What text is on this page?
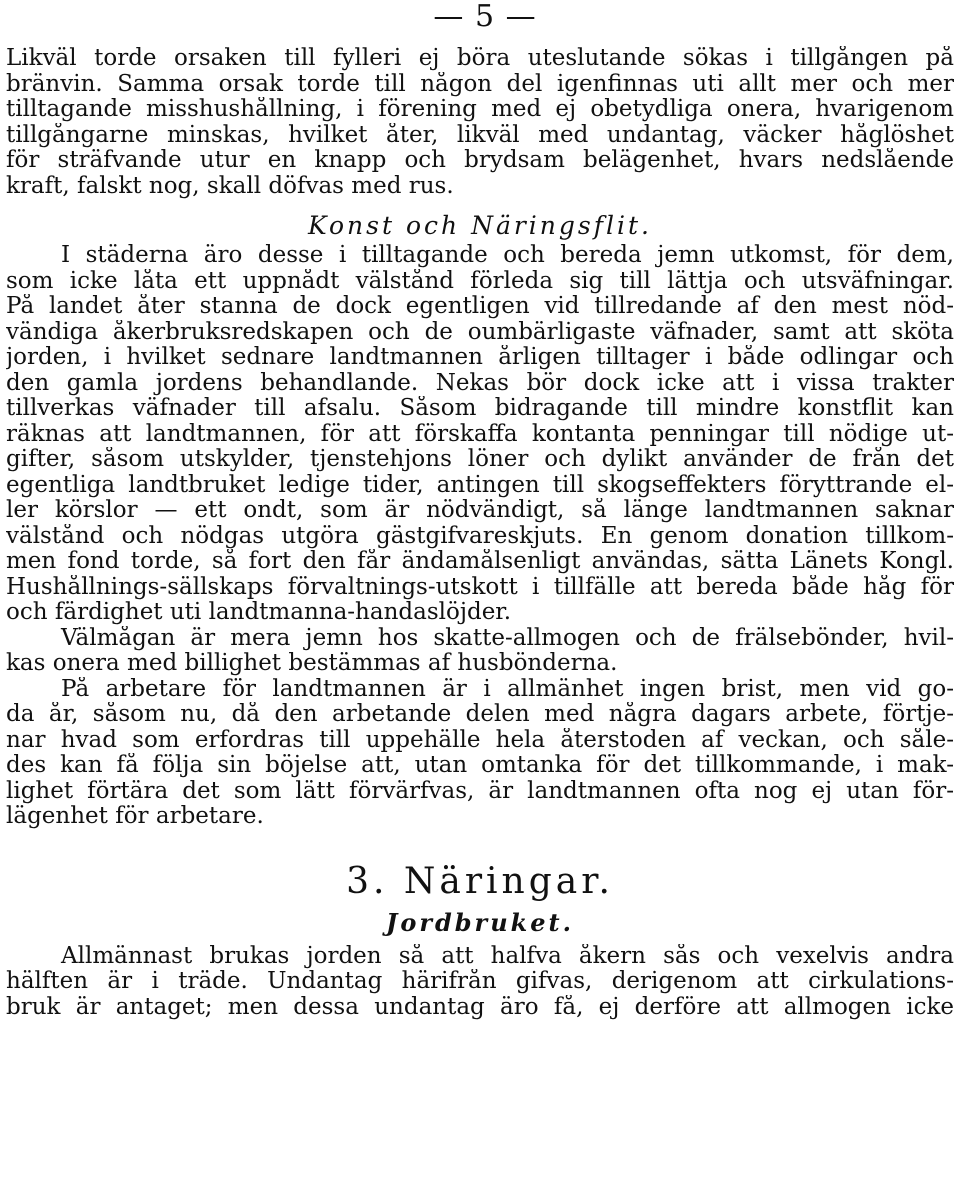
— 5 —
Likväl torde orsaken till fylleri ej böra uteslutande sökas i tillgången på
bränvin. Samma orsak torde till någon del igenfinnas uti allt mer och mer
tilltagande misshushållning, i förening med ej obetydliga onera, hvarigenom
tillgångarne minskas, hvilket åter, likväl med undantag, väcker håglöshet
för sträfvande utur en knapp och brydsam belägenhet, hvars nedslående
kraft, falskt nog, skall döfvas med rus.
Konst och Näringsflit.
I städerna äro desse i tilltagande och bereda jemn utkomst, för dem,
som icke låta ett uppnådt välstånd förleda sig till lättja och utsväfningar.
På landet åter stanna de dock egentligen vid tillredande af den mest nöd-
vändiga åkerbruksredskapen och de oumbärligaste väfnader, samt att sköta
jorden, i hvilket sednare landtmannen årligen tilltager i både odlingar och
den gamla jordens behandlande. Nekas bör dock icke att i vissa trakter
tillverkas väfnader till afsalu. Såsom bidragande till mindre konstflit kan
räknas att landtmannen, för att förskaffa kontanta penningar till nödige ut-
gifter, såsom utskylder, tjenstehjons löner och dylikt använder de från det
egentliga landtbruket ledige tider, antingen till skogseffekters föryttrande el-
ler körslor — ett ondt, som är nödvändigt, så länge landtmannen saknar
välstånd och nödgas utgöra gästgifvareskjuts. En genom donation tillkom-
men fond torde, så fort den får ändamålsenligt användas, sätta Länets Kongl.
Hushållnings-sällskaps förvaltnings-utskott i tillfälle att bereda både håg för
och färdighet uti landtmanna-handaslöjder.
Välmågan är mera jemn hos skatte-allmogen och de frälsebönder, hvil-
kas onera med billighet bestämmas af husbönderna.
På arbetare för landtmannen är i allmänhet ingen brist, men vid go-
da år, såsom nu, då den arbetande delen med några dagars arbete, förtje-
nar hvad som erfordras till uppehälle hela återstoden af veckan, och såle-
des kan få följa sin böjelse att, utan omtanka för det tillkommande, i mak-
lighet förtära det som lätt förvärfvas, är landtmannen ofta nog ej utan för-
lägenhet för arbetare.
3. Näringar.
Jordbruket.
Allmännast brukas jorden så att halfva åkern sås och vexelvis andra
hälften är i träde. Undantag härifrån gifvas, derigenom att cirkulations-
bruk är antaget; men dessa undantag äro få, ej derföre att allmogen icke
